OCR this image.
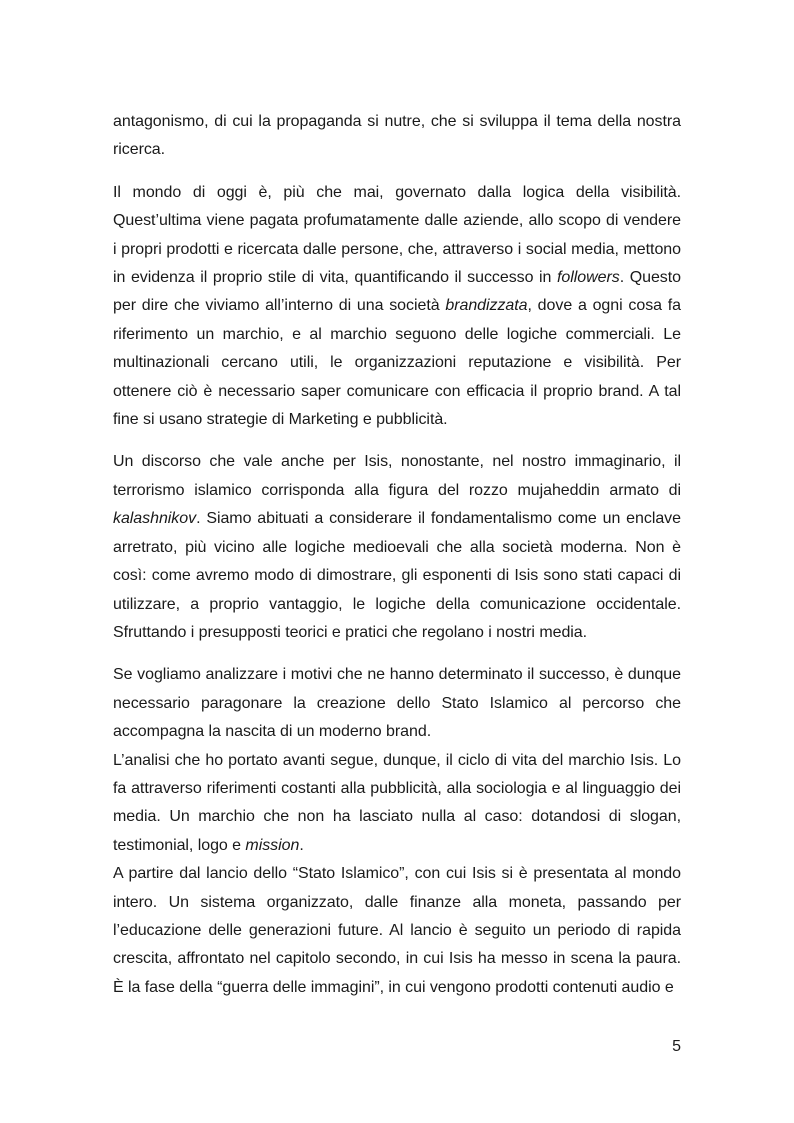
antagonismo, di cui la propaganda si nutre, che si sviluppa il tema della nostra ricerca.

Il mondo di oggi è, più che mai, governato dalla logica della visibilità. Quest’ultima viene pagata profumatamente dalle aziende, allo scopo di vendere i propri prodotti e ricercata dalle persone, che, attraverso i social media, mettono in evidenza il proprio stile di vita, quantificando il successo in followers. Questo per dire che viviamo all’interno di una società brandizzata, dove a ogni cosa fa riferimento un marchio, e al marchio seguono delle logiche commerciali. Le multinazionali cercano utili, le organizzazioni reputazione e visibilità. Per ottenere ciò è necessario saper comunicare con efficacia il proprio brand. A tal fine si usano strategie di Marketing e pubblicità.

Un discorso che vale anche per Isis, nonostante, nel nostro immaginario, il terrorismo islamico corrisponda alla figura del rozzo mujaheddin armato di kalashnikov. Siamo abituati a considerare il fondamentalismo come un enclave arretrato, più vicino alle logiche medioevali che alla società moderna. Non è così: come avremo modo di dimostrare, gli esponenti di Isis sono stati capaci di utilizzare, a proprio vantaggio, le logiche della comunicazione occidentale. Sfruttando i presupposti teorici e pratici che regolano i nostri media.

Se vogliamo analizzare i motivi che ne hanno determinato il successo, è dunque necessario paragonare la creazione dello Stato Islamico al percorso che accompagna la nascita di un moderno brand.

L’analisi che ho portato avanti segue, dunque, il ciclo di vita del marchio Isis. Lo fa attraverso riferimenti costanti alla pubblicità, alla sociologia e al linguaggio dei media. Un marchio che non ha lasciato nulla al caso: dotandosi di slogan, testimonial, logo e mission.

A partire dal lancio dello “Stato Islamico”, con cui Isis si è presentata al mondo intero. Un sistema organizzato, dalle finanze alla moneta, passando per l’educazione delle generazioni future. Al lancio è seguito un periodo di rapida crescita, affrontato nel capitolo secondo, in cui Isis ha messo in scena la paura. È la fase della “guerra delle immagini”, in cui vengono prodotti contenuti audio e

5
